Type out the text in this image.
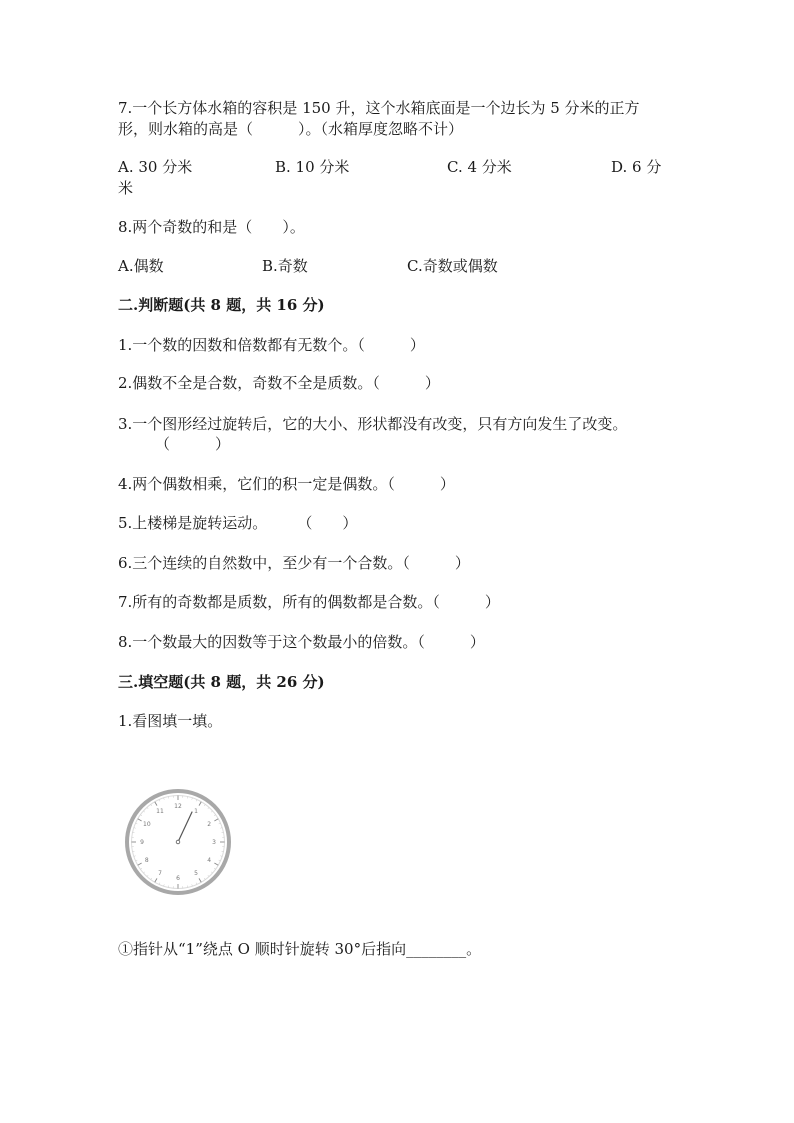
7.一个长方体水箱的容积是 150 升，这个水箱底面是一个边长为 5 分米的正方
形，则水箱的高是（　　　）。（水箱厚度忽略不计）
A. 30 分米	B. 10 分米	C. 4 分米	D. 6 分
米
8.两个奇数的和是（　　）。
A.偶数	B.奇数	C.奇数或偶数
二.判断题(共 8 题，共 16 分)
1.一个数的因数和倍数都有无数个。（　　　）
2.偶数不全是合数，奇数不全是质数。（　　　）
3.一个图形经过旋转后，它的大小、形状都没有改变，只有方向发生了改变。
（　　　）
4.两个偶数相乘，它们的积一定是偶数。（　　　）
5.上楼梯是旋转运动。　　　（　　）
6.三个连续的自然数中，至少有一个合数。（　　　）
7.所有的奇数都是质数，所有的偶数都是合数。（　　　）
8.一个数最大的因数等于这个数最小的倍数。（　　　）
三.填空题(共 8 题，共 26 分)
1.看图填一填。
12
1
2
3
4
5
6
7
8
9
10
11
①指针从“1”绕点 O 顺时针旋转 30°后指向________。
